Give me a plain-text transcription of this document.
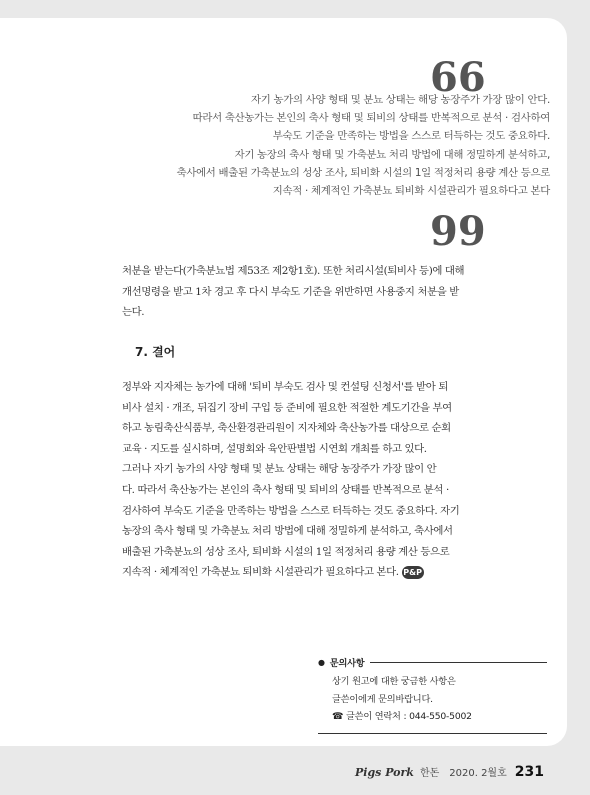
66
자기 농가의 사양 형태 및 분뇨 상태는 해당 농장주가 가장 많이 안다.
따라서 축산농가는 본인의 축사 형태 및 퇴비의 상태를 반복적으로 분석 · 검사하여
부숙도 기준을 만족하는 방법을 스스로 터득하는 것도 중요하다.
자기 농장의 축사 형태 및 가축분뇨 처리 방법에 대해 정밀하게 분석하고,
축사에서 배출된 가축분뇨의 성상 조사, 퇴비화 시설의 1일 적정처리 용량 계산 등으로
지속적 · 체계적인 가축분뇨 퇴비화 시설관리가 필요하다고 본다
99
처분을 받는다(가축분뇨법 제53조 제2항1호). 또한 처리시설(퇴비사 등)에 대해
개선명령을 받고 1차 경고 후 다시 부숙도 기준을 위반하면 사용중지 처분을 받
는다.
7. 결어
정부와 지자체는 농가에 대해 '퇴비 부숙도 검사 및 컨설팅 신청서'를 받아 퇴
비사 설치 · 개조, 뒤집기 장비 구입 등 준비에 필요한 적절한 계도기간을 부여
하고 농림축산식품부, 축산환경관리원이 지자체와 축산농가를 대상으로 순회
교육 · 지도를 실시하며, 설명회와 육안판별법 시연회 개최를 하고 있다.
그러나 자기 농가의 사양 형태 및 분뇨 상태는 해당 농장주가 가장 많이 안
다. 따라서 축산농가는 본인의 축사 형태 및 퇴비의 상태를 반복적으로 분석 ·
검사하여 부숙도 기준을 만족하는 방법을 스스로 터득하는 것도 중요하다. 자기
농장의 축사 형태 및 가축분뇨 처리 방법에 대해 정밀하게 분석하고, 축사에서
배출된 가축분뇨의 성상 조사, 퇴비화 시설의 1일 적정처리 용량 계산 등으로
지속적 · 체계적인 가축분뇨 퇴비화 시설관리가 필요하다고 본다. P&P
● 문의사항
상기 원고에 대한 궁금한 사항은
글쓴이에게 문의바랍니다.
☎ 글쓴이 연락처 : 044-550-5002
Pigs Pork 한돈 2020. 2월호 231
